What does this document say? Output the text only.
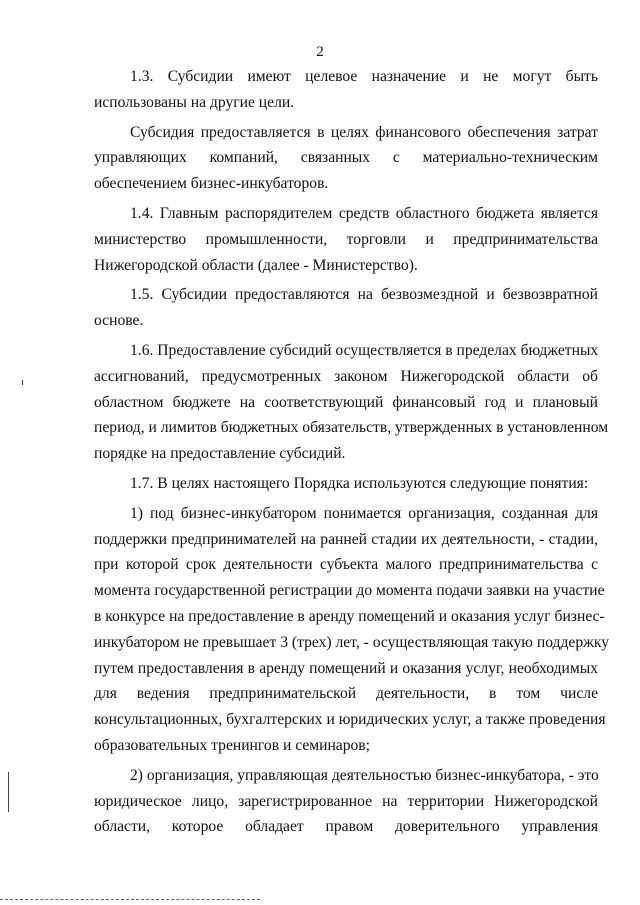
2
1.3. Субсидии имеют целевое назначение и не могут быть
использованы на другие цели.
Субсидия предоставляется в целях финансового обеспечения затрат
управляющих компаний, связанных с материально-техническим
обеспечением бизнес-инкубаторов.
1.4. Главным распорядителем средств областного бюджета является
министерство промышленности, торговли и предпринимательства
Нижегородской области (далее - Министерство).
1.5. Субсидии предоставляются на безвозмездной и безвозвратной
основе.
1.6. Предоставление субсидий осуществляется в пределах бюджетных
ассигнований, предусмотренных законом Нижегородской области об
областном бюджете на соответствующий финансовый год и плановый
период, и лимитов бюджетных обязательств, утвержденных в установленном
порядке на предоставление субсидий.
1.7. В целях настоящего Порядка используются следующие понятия:
1) под бизнес-инкубатором понимается организация, созданная для
поддержки предпринимателей на ранней стадии их деятельности, - стадии,
при которой срок деятельности субъекта малого предпринимательства с
момента государственной регистрации до момента подачи заявки на участие
в конкурсе на предоставление в аренду помещений и оказания услуг бизнес-
инкубатором не превышает 3 (трех) лет, - осуществляющая такую поддержку
путем предоставления в аренду помещений и оказания услуг, необходимых
для ведения предпринимательской деятельности, в том числе
консультационных, бухгалтерских и юридических услуг, а также проведения
образовательных тренингов и семинаров;
2) организация, управляющая деятельностью бизнес-инкубатора, - это
юридическое лицо, зарегистрированное на территории Нижегородской
области, которое обладает правом доверительного управления
